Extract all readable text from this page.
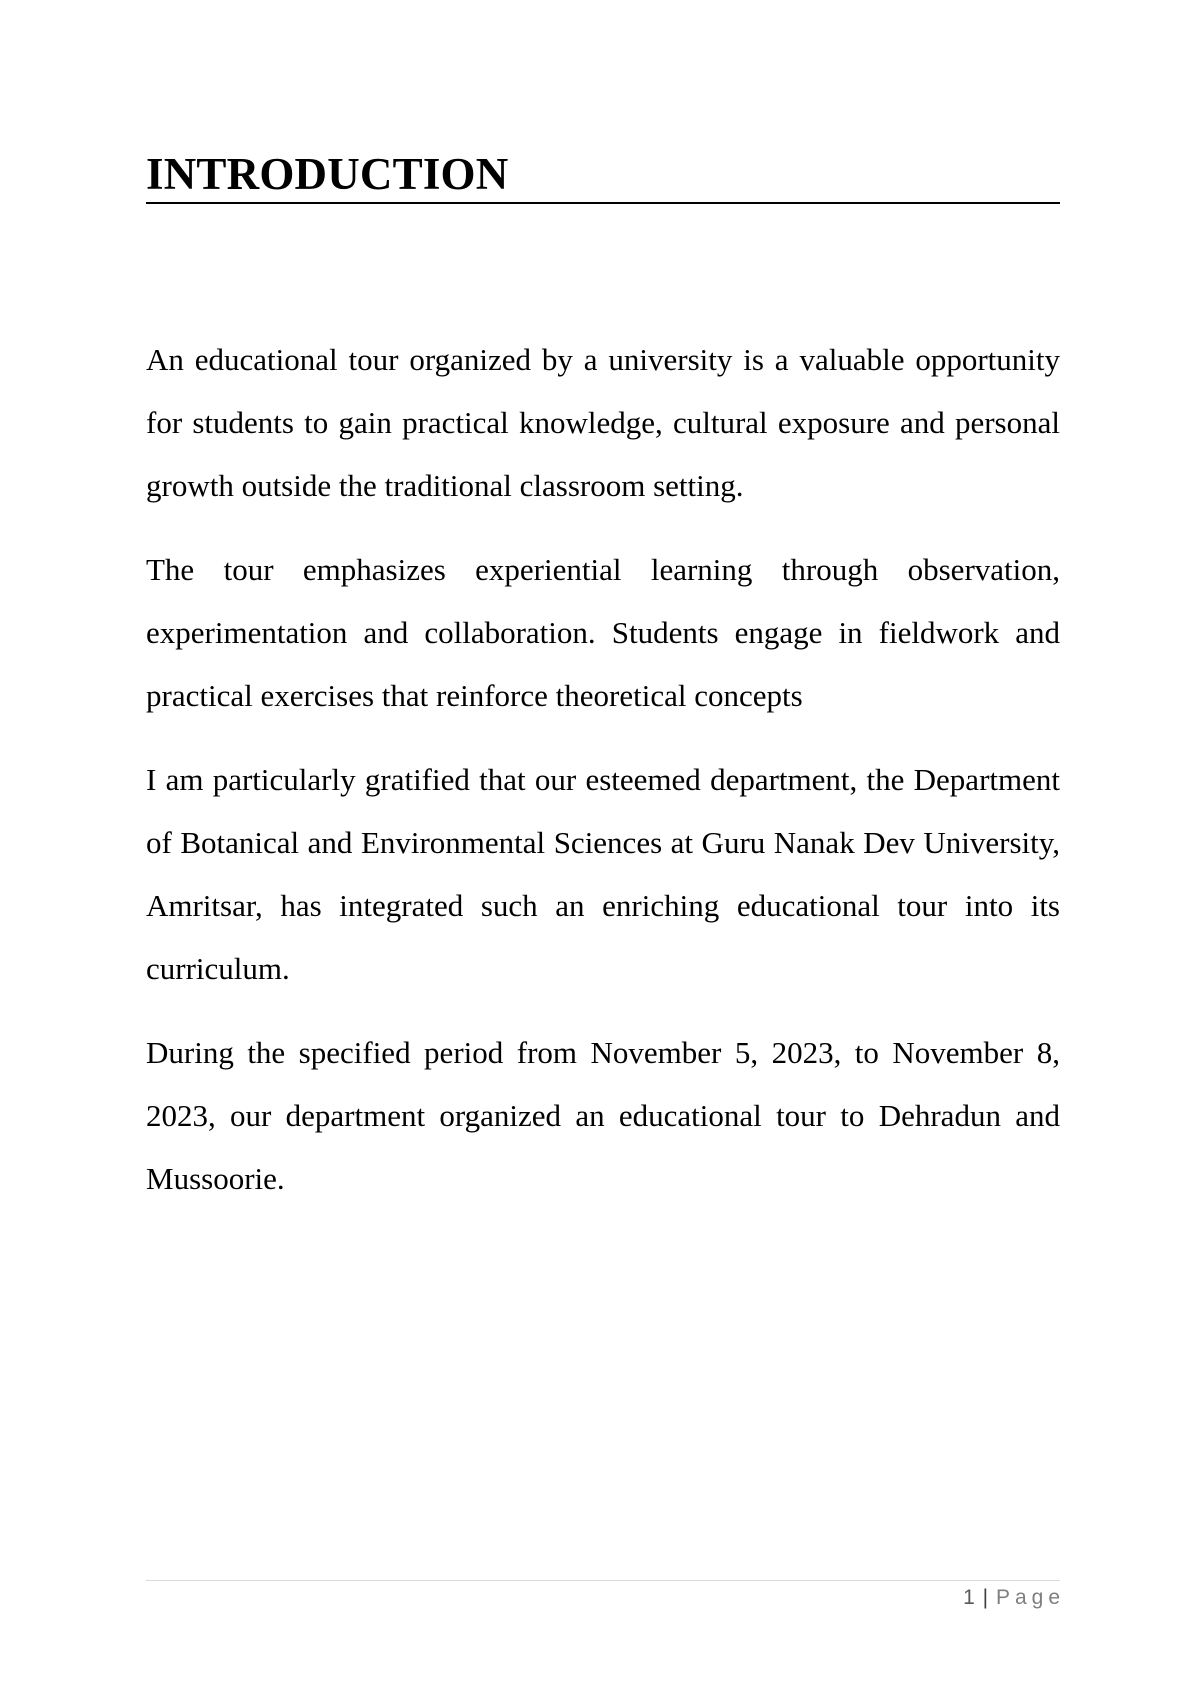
INTRODUCTION

An educational tour organized by a university is a valuable opportunity for students to gain practical knowledge, cultural exposure and personal growth outside the traditional classroom setting.

The tour emphasizes experiential learning through observation, experimentation and collaboration. Students engage in fieldwork and practical exercises that reinforce theoretical concepts

I am particularly gratified that our esteemed department, the Department of Botanical and Environmental Sciences at Guru Nanak Dev University, Amritsar, has integrated such an enriching educational tour into its curriculum.

During the specified period from November 5, 2023, to November 8, 2023, our department organized an educational tour to Dehradun and Mussoorie.

1 | Page
